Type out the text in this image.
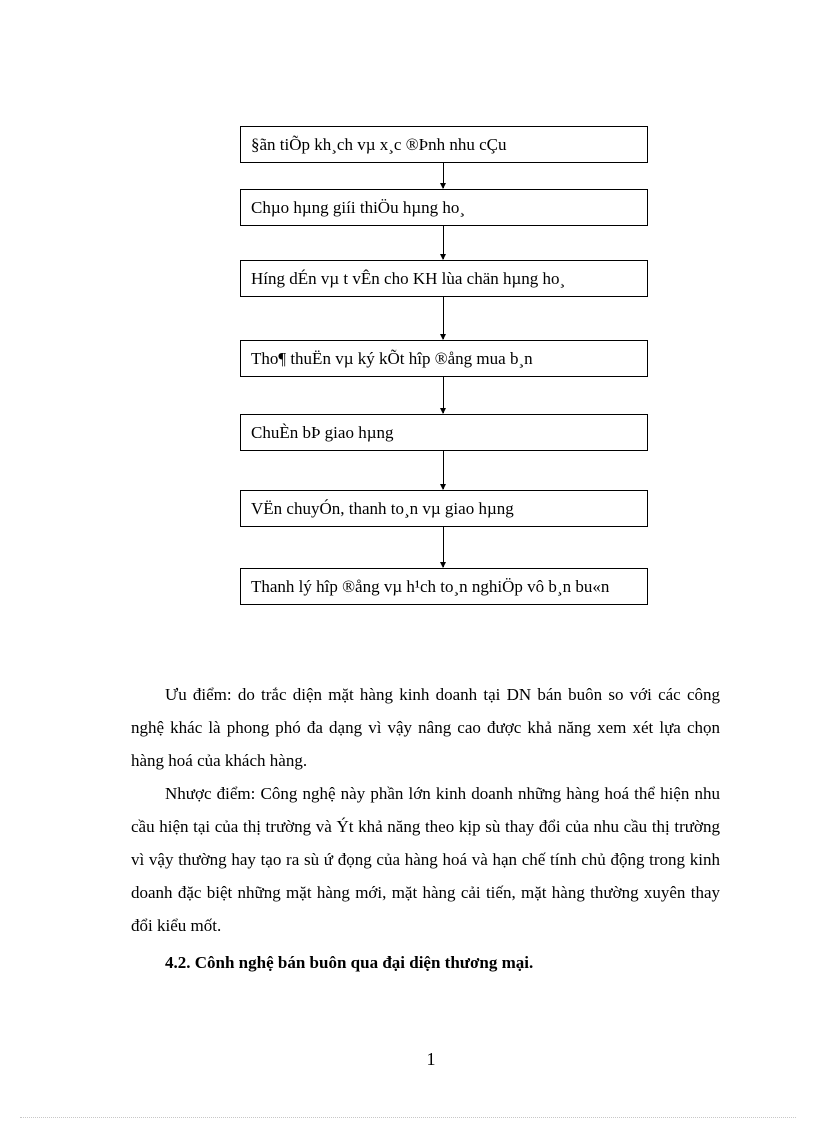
§ãn tiÕp kh¸ch vµ x¸c ®Þnh nhu cÇu
Chµo hµng giíi thiÖu hµng ho¸
Híng dÉn vµ t vÊn cho KH lùa chän hµng ho¸
Tho¶ thuËn vµ ký kÕt hîp ®ång mua b¸n
ChuÈn bÞ giao hµng
VËn chuyÓn, thanh to¸n vµ giao hµng
Thanh lý hîp ®ång vµ h¹ch to¸n nghiÖp vô b¸n bu«n

Ưu điểm: do trắc diện mặt hàng kinh doanh tại DN bán buôn so với các công nghệ khác là phong phó đa dạng vì vậy nâng cao được khả năng xem xét lựa chọn hàng hoá của khách hàng.

Nhược điểm: Công nghệ này phần lớn kinh doanh những hàng hoá thể hiện nhu cầu hiện tại của thị trường và Ýt khả năng theo kịp sù thay đổi của nhu cầu thị trường vì vậy thường hay tạo ra sù ứ đọng của hàng hoá và hạn chế tính chủ động trong kinh doanh đặc biệt những mặt hàng mới, mặt hàng cải tiến, mặt hàng thường xuyên thay đổi kiểu mốt.

4.2. Cônh nghệ bán buôn qua đại diện thương mại.

1
